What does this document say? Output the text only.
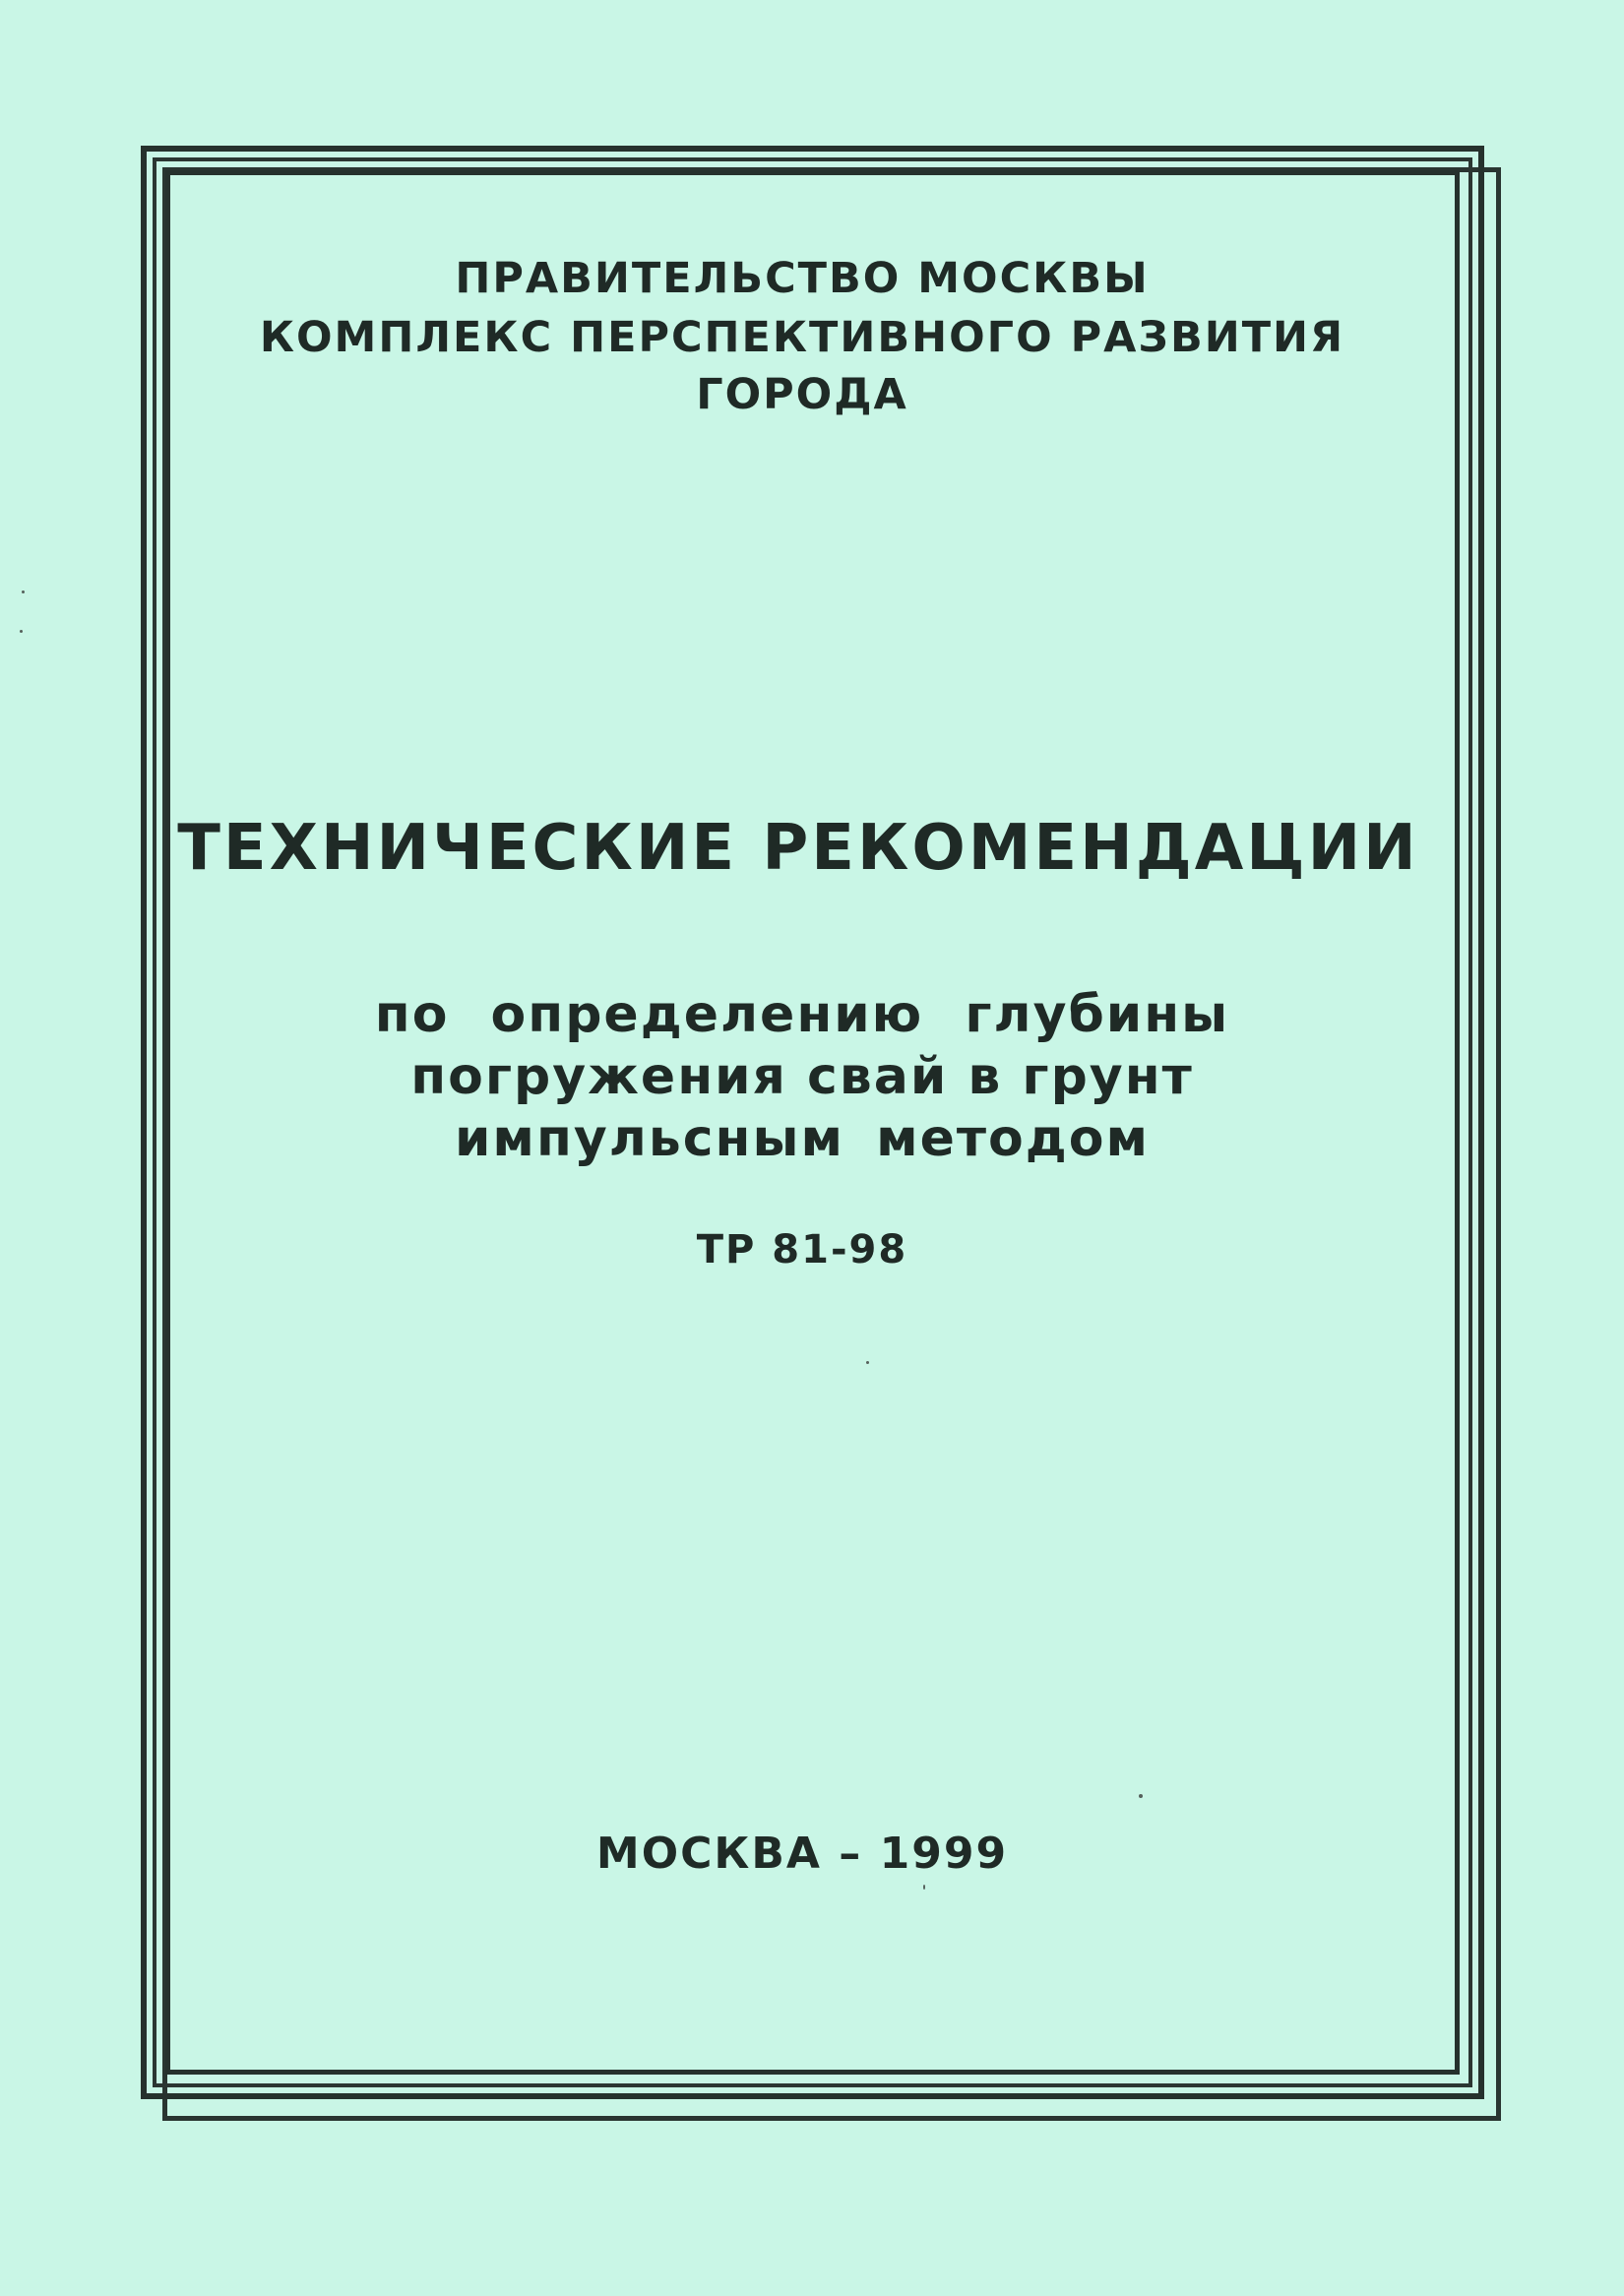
ПРАВИТЕЛЬСТВО МОСКВЫ
КОМПЛЕКС ПЕРСПЕКТИВНОГО РАЗВИТИЯ
ГОРОДА
ТЕХНИЧЕСКИЕ РЕКОМЕНДАЦИИ
по определению глубины
погружения свай в грунт
импульсным методом
ТР 81-98
МОСКВА – 1999
